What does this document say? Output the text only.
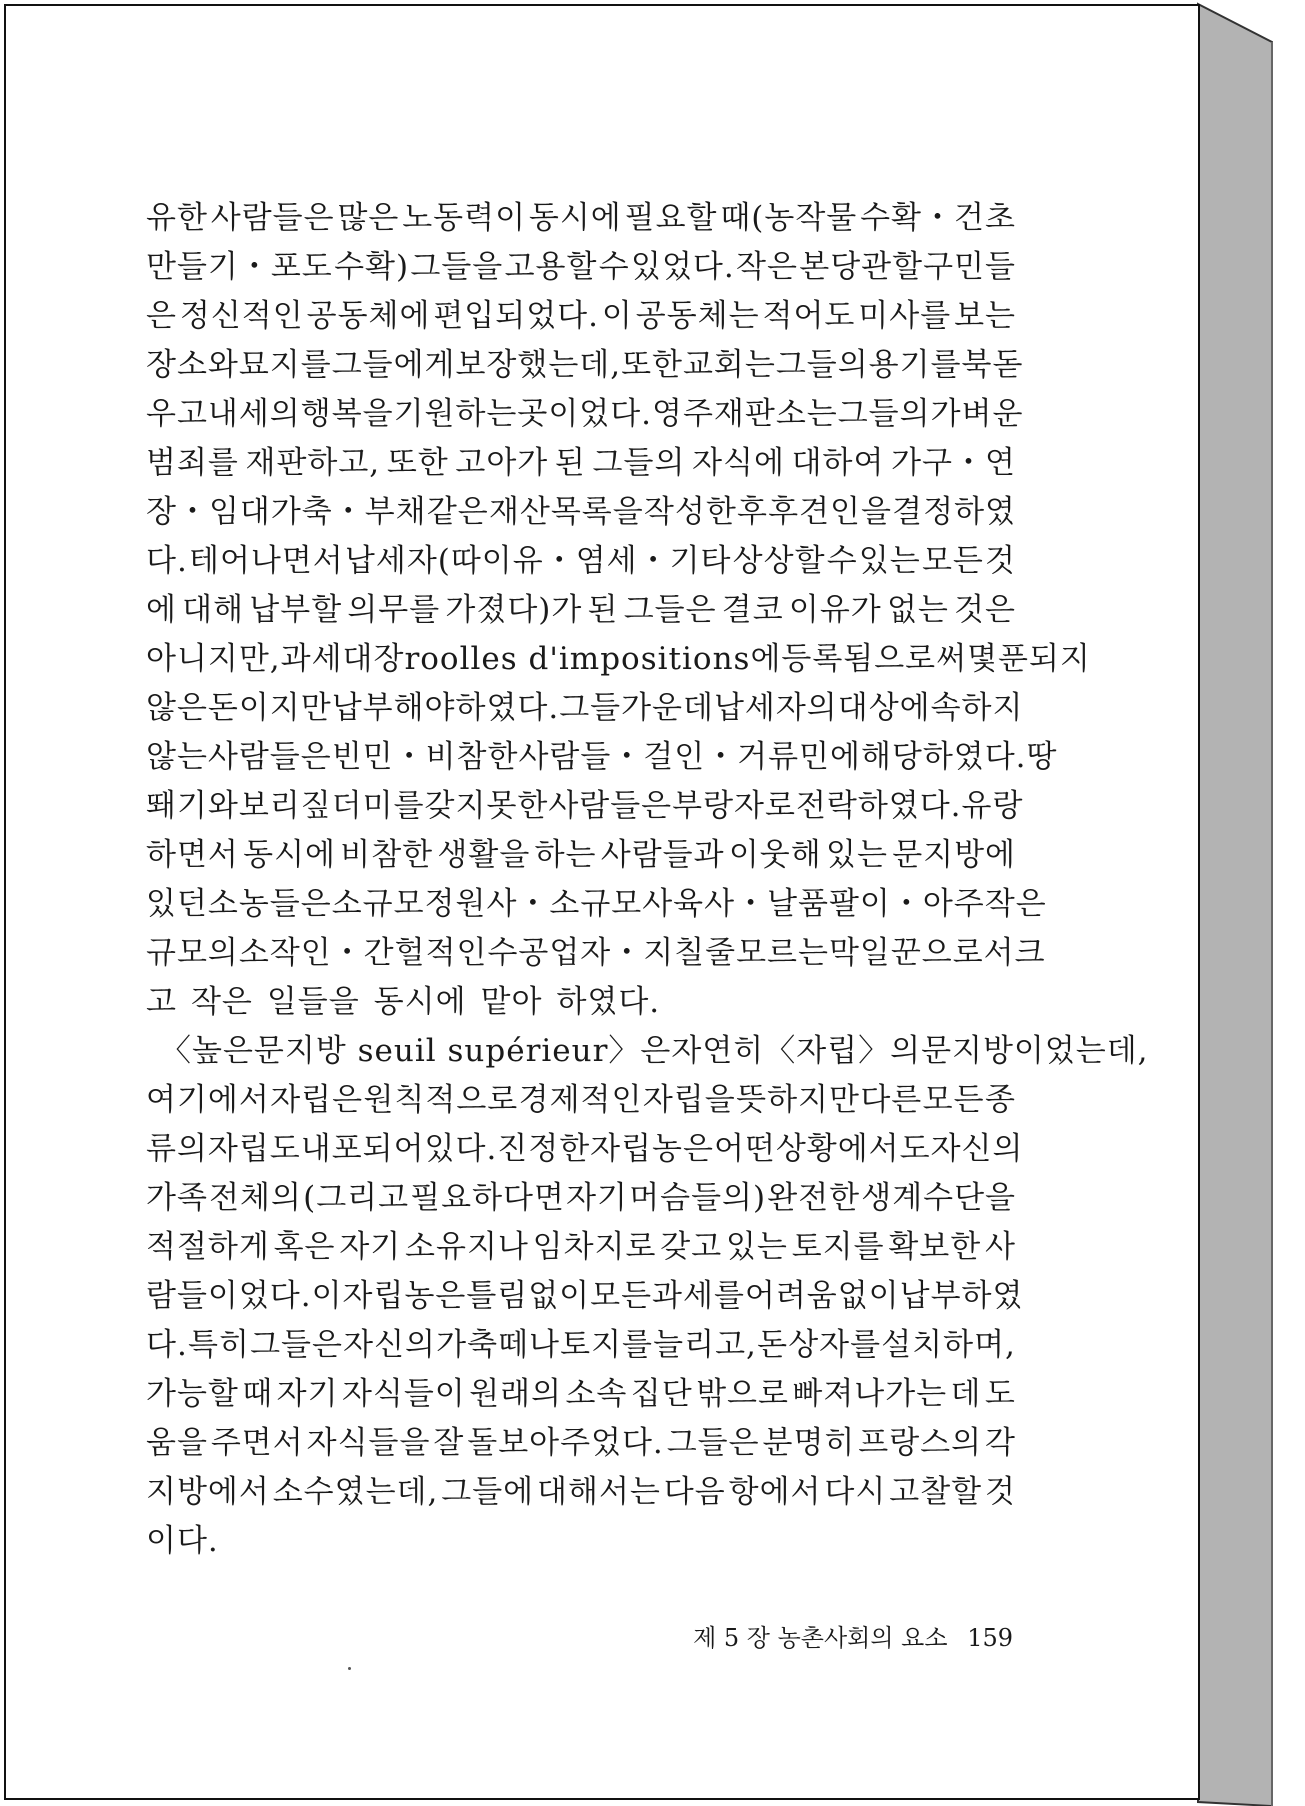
유한 사람들은 많은 노동력이 동시에 필요할 때(농작물 수확・건초
만들기・포도 수확) 그들을 고용할 수 있었다. 작은 본당관할구민들
은 정신적인 공동체에 편입되었다. 이 공동체는 적어도 미사를 보는
장소와 묘지를 그들에게 보장했는데, 또한 교회는 그들의 용기를 북돋
우고 내세의 행복을 기원하는 곳이었다. 영주재판소는 그들의 가벼운
범죄를 재판하고, 또한 고아가 된 그들의 자식에 대하여 가구・연
장・임대가축・부채 같은 재산목록을 작성한 후 후견인을 결정하였
다. 테어나면서 납세자(따이유・염세・기타 상상할 수 있는 모든 것
에 대해 납부할 의무를 가졌다)가 된 그들은 결코 이유가 없는 것은
아니지만, 과세대장 roolles d'impositions에 등록됨으로써 몇 푼 되지
않은 돈이지만 납부해야 하였다. 그들 가운데 납세자의 대상에 속하지
않는 사람들은 빈민・비참한 사람들・걸인・거류민에 해당하였다. 땅
뙈기와 보리짚더미를 갖지 못한 사람들은 부랑자로 전락하였다. 유랑
하면서 동시에 비참한 생활을 하는 사람들과 이웃해 있는 문지방에
있던 소농들은 소규모 정원사・소규모 사육사・날품팔이・아주 작은
규모의 소작인・간헐적인 수공업자・지칠 줄 모르는 막일꾼으로서 크
고 작은 일들을 동시에 맡아 하였다.
〈높은 문지방 seuil supérieur〉은 자연히 〈자립〉의 문지방이었는데,
여기에서 자립은 원칙적으로 경제적인 자립을 뜻하지만 다른 모든 종
류의 자립도 내포되어 있다. 진정한 자립농은 어떤 상황에서도 자신의
가족 전체의 (그리고 필요하다면 자기 머슴들의) 완전한 생계수단을
적절하게 혹은 자기 소유지나 임차지로 갖고 있는 토지를 확보한 사
람들이었다. 이 자립농은 틀림없이 모든 과세를 어려움 없이 납부하였
다. 특히 그들은 자신의 가축떼나 토지를 늘리고, 돈 상자를 설치하며,
가능할 때 자기 자식들이 원래의 소속 집단 밖으로 빠져나가는 데 도
움을 주면서 자식들을 잘 돌보아주었다. 그들은 분명히 프랑스의 각
지방에서 소수였는데, 그들에 대해서는 다음 항에서 다시 고찰할 것
이다.
제 5 장 농촌사회의 요소 159
